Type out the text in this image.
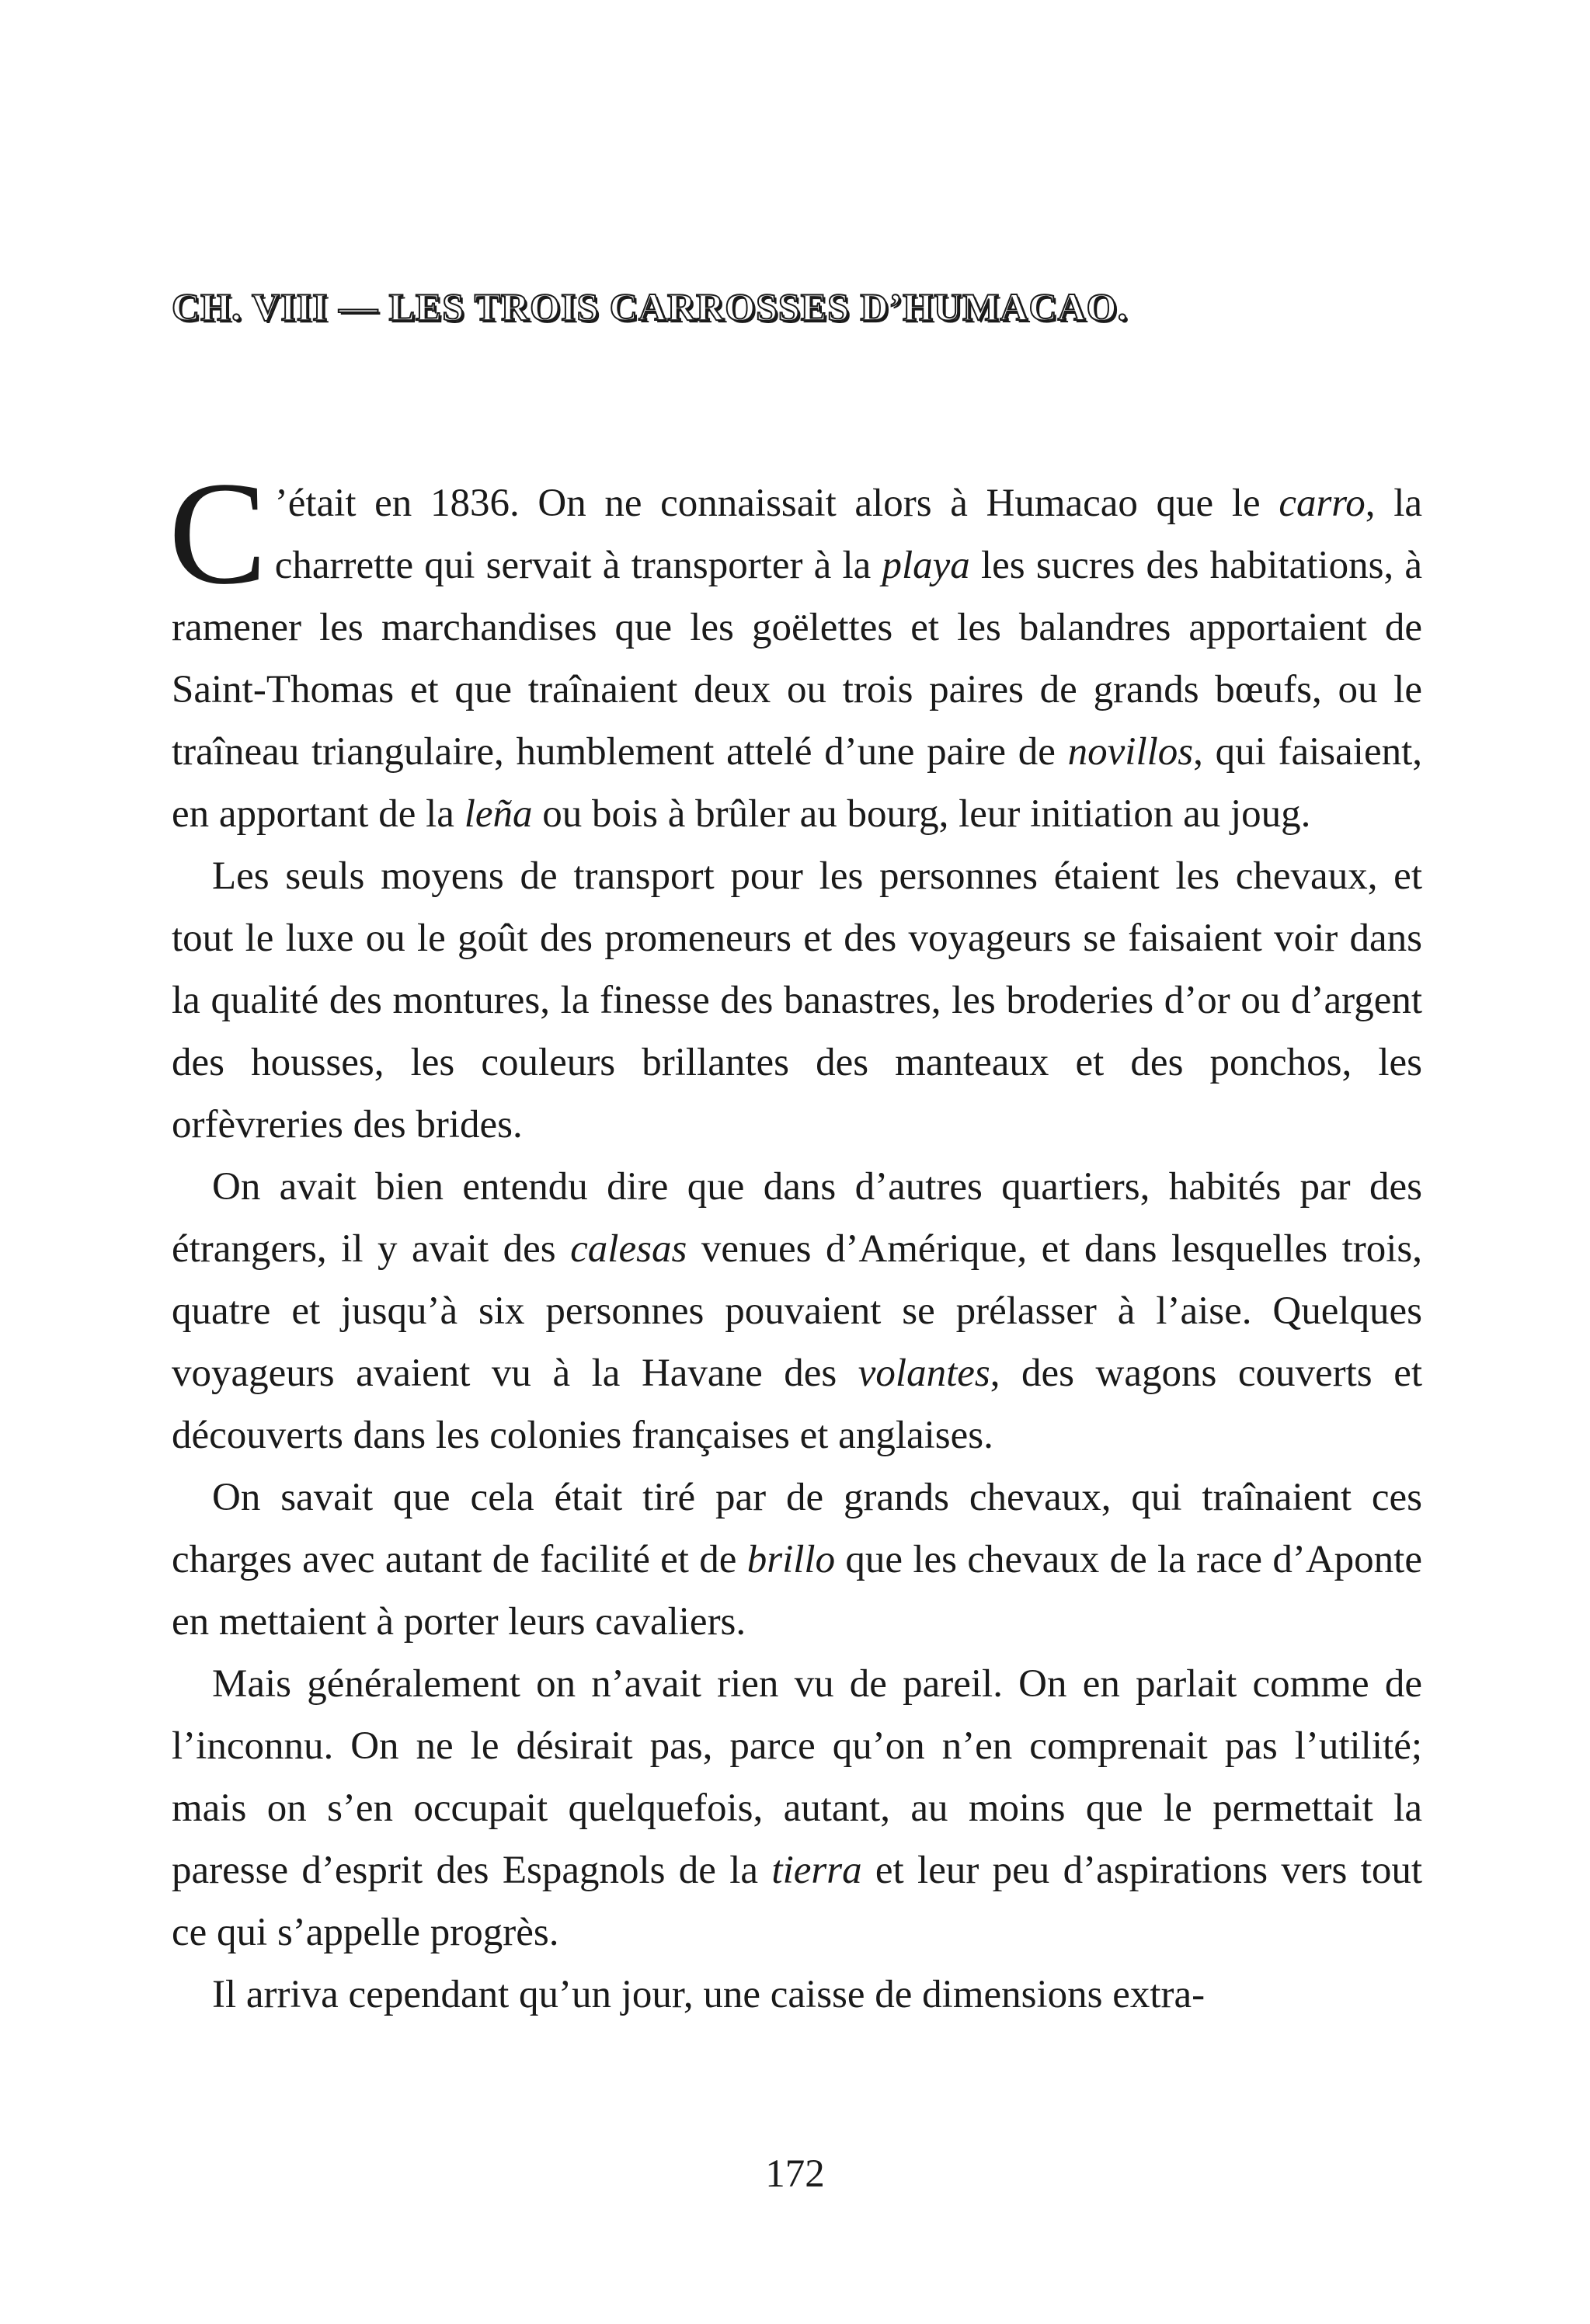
CH. VIII — LES TROIS CARROSSES D’HUMACAO.

C ’était en 1836. On ne connaissait alors à Humacao que le carro, la charrette qui servait à transporter à la playa les sucres des habitations, à ramener les marchandises que les goëlettes et les balandres apportaient de Saint-Thomas et que traînaient deux ou trois paires de grands bœufs, ou le traîneau triangulaire, humblement attelé d’une paire de novillos, qui faisaient, en apportant de la leña ou bois à brûler au bourg, leur initiation au joug.

Les seuls moyens de transport pour les personnes étaient les chevaux, et tout le luxe ou le goût des promeneurs et des voyageurs se faisaient voir dans la qualité des montures, la finesse des banastres, les broderies d’or ou d’argent des housses, les couleurs brillantes des manteaux et des ponchos, les orfèvreries des brides.

On avait bien entendu dire que dans d’autres quartiers, habités par des étrangers, il y avait des calesas venues d’Amérique, et dans lesquelles trois, quatre et jusqu’à six personnes pouvaient se prélasser à l’aise. Quelques voyageurs avaient vu à la Havane des volantes, des wagons couverts et découverts dans les colonies françaises et anglaises.

On savait que cela était tiré par de grands chevaux, qui traînaient ces charges avec autant de facilité et de brillo que les chevaux de la race d’Aponte en mettaient à porter leurs cavaliers.

Mais généralement on n’avait rien vu de pareil. On en parlait comme de l’inconnu. On ne le désirait pas, parce qu’on n’en comprenait pas l’utilité; mais on s’en occupait quelquefois, autant, au moins que le permettait la paresse d’esprit des Espagnols de la tierra et leur peu d’aspirations vers tout ce qui s’appelle progrès.

Il arriva cependant qu’un jour, une caisse de dimensions extra-

172
